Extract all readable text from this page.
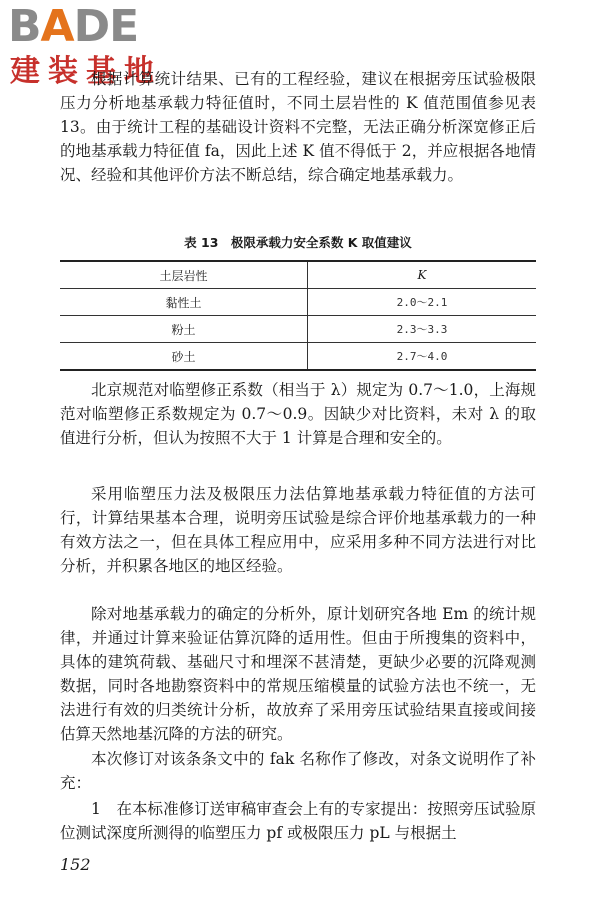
BADE
建装基地

根据计算统计结果、已有的工程经验，建议在根据旁压试验极限压力分析地基承载力特征值时，不同土层岩性的 K 值范围值参见表 13。由于统计工程的基础设计资料不完整，无法正确分析深宽修正后的地基承载力特征值 fa，因此上述 K 值不得低于 2，并应根据各地情况、经验和其他评价方法不断总结，综合确定地基承载力。

表 13　极限承载力安全系数 K 取值建议
土层岩性	K
黏性土	2.0～2.1
粉土	2.3～3.3
砂土	2.7～4.0

北京规范对临塑修正系数（相当于 λ）规定为 0.7～1.0，上海规范对临塑修正系数规定为 0.7～0.9。因缺少对比资料，未对 λ 的取值进行分析，但认为按照不大于 1 计算是合理和安全的。

采用临塑压力法及极限压力法估算地基承载力特征值的方法可行，计算结果基本合理，说明旁压试验是综合评价地基承载力的一种有效方法之一，但在具体工程应用中，应采用多种不同方法进行对比分析，并积累各地区的地区经验。

除对地基承载力的确定的分析外，原计划研究各地 Em 的统计规律，并通过计算来验证估算沉降的适用性。但由于所搜集的资料中，具体的建筑荷载、基础尺寸和埋深不甚清楚，更缺少必要的沉降观测数据，同时各地勘察资料中的常规压缩模量的试验方法也不统一，无法进行有效的归类统计分析，故放弃了采用旁压试验结果直接或间接估算天然地基沉降的方法的研究。

本次修订对该条条文中的 fak 名称作了修改，对条文说明作了补充：

1　在本标准修订送审稿审查会上有的专家提出：按照旁压试验原位测试深度所测得的临塑压力 pf 或极限压力 pL 与根据土

152
